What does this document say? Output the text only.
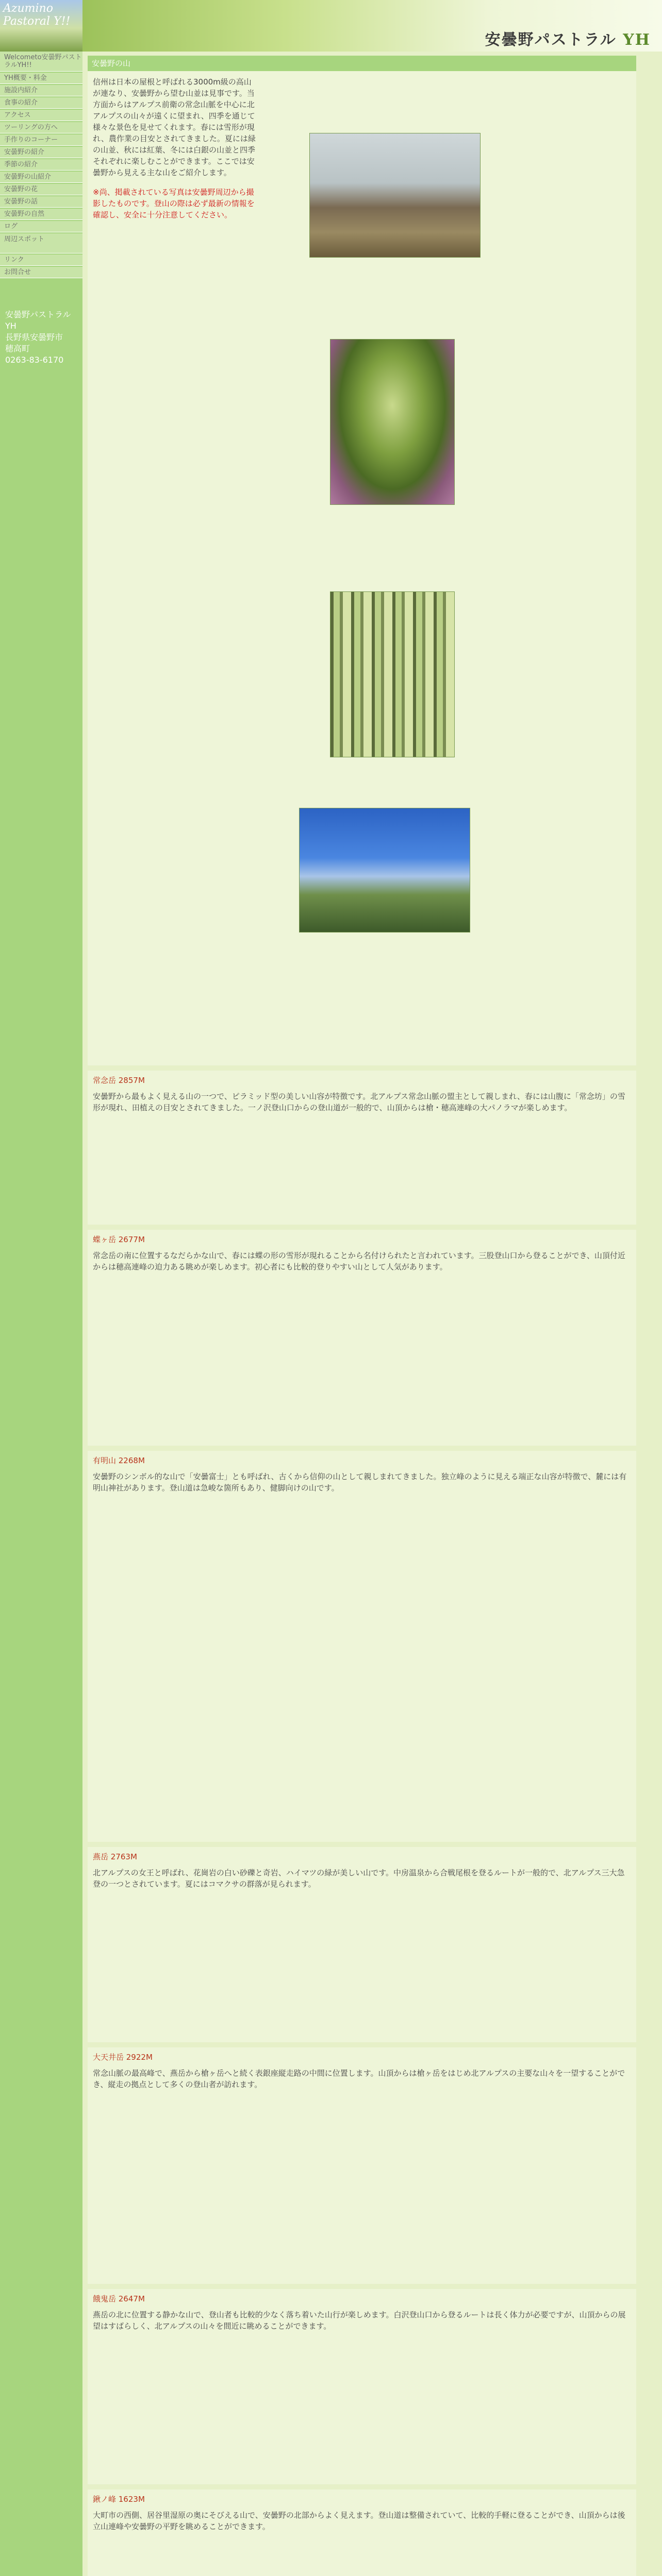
Azumino Pastoral Y!!
安曇野パストラル YH
Welcometo安曇野パストラルYH!!
YH概要・料金
施設内紹介
食事の紹介
アクセス
ツーリングの方へ
手作りのコーナー
安曇野の紹介
季節の紹介
安曇野の山紹介
安曇野の花
安曇野の話
安曇野の自然
ログ
周辺スポット
リンク
お問合せ
安曇野パストラル
YH
長野県安曇野市
穂高町
0263-83-6170
安曇野の山
信州は日本の屋根と呼ばれる3000m級の高山が連なり、安曇野から望む山並は見事です。当方面からはアルプス前衛の常念山脈を中心に北アルプスの山々が遠くに望まれ、四季を通じて様々な景色を見せてくれます。春には雪形が現れ、農作業の目安とされてきました。夏には緑の山並、秋には紅葉、冬には白銀の山並と四季それぞれに楽しむことができます。ここでは安曇野から見える主な山をご紹介します。
※尚、掲載されている写真は安曇野周辺から撮影したものです。登山の際は必ず最新の情報を確認し、安全に十分注意してください。
常念岳 2857M

安曇野から最もよく見える山の一つで、ピラミッド型の美しい山容が特徴です。北アルプス常念山脈の盟主として親しまれ、春には山腹に「常念坊」の雪形が現れ、田植えの目安とされてきました。一ノ沢登山口からの登山道が一般的で、山頂からは槍・穂高連峰の大パノラマが楽しめます。

蝶ヶ岳 2677M

常念岳の南に位置するなだらかな山で、春には蝶の形の雪形が現れることから名付けられたと言われています。三股登山口から登ることができ、山頂付近からは穂高連峰の迫力ある眺めが楽しめます。初心者にも比較的登りやすい山として人気があります。

有明山 2268M

安曇野のシンボル的な山で「安曇富士」とも呼ばれ、古くから信仰の山として親しまれてきました。独立峰のように見える端正な山容が特徴で、麓には有明山神社があります。登山道は急峻な箇所もあり、健脚向けの山です。

燕岳 2763M

北アルプスの女王と呼ばれ、花崗岩の白い砂礫と奇岩、ハイマツの緑が美しい山です。中房温泉から合戦尾根を登るルートが一般的で、北アルプス三大急登の一つとされています。夏にはコマクサの群落が見られます。

大天井岳 2922M

常念山脈の最高峰で、燕岳から槍ヶ岳へと続く表銀座縦走路の中間に位置します。山頂からは槍ヶ岳をはじめ北アルプスの主要な山々を一望することができ、縦走の拠点として多くの登山者が訪れます。

餓鬼岳 2647M

燕岳の北に位置する静かな山で、登山者も比較的少なく落ち着いた山行が楽しめます。白沢登山口から登るルートは長く体力が必要ですが、山頂からの展望はすばらしく、北アルプスの山々を間近に眺めることができます。

鍬ノ峰 1623M

大町市の西側、居谷里湿原の奥にそびえる山で、安曇野の北部からよく見えます。登山道は整備されていて、比較的手軽に登ることができ、山頂からは後立山連峰や安曇野の平野を眺めることができます。
